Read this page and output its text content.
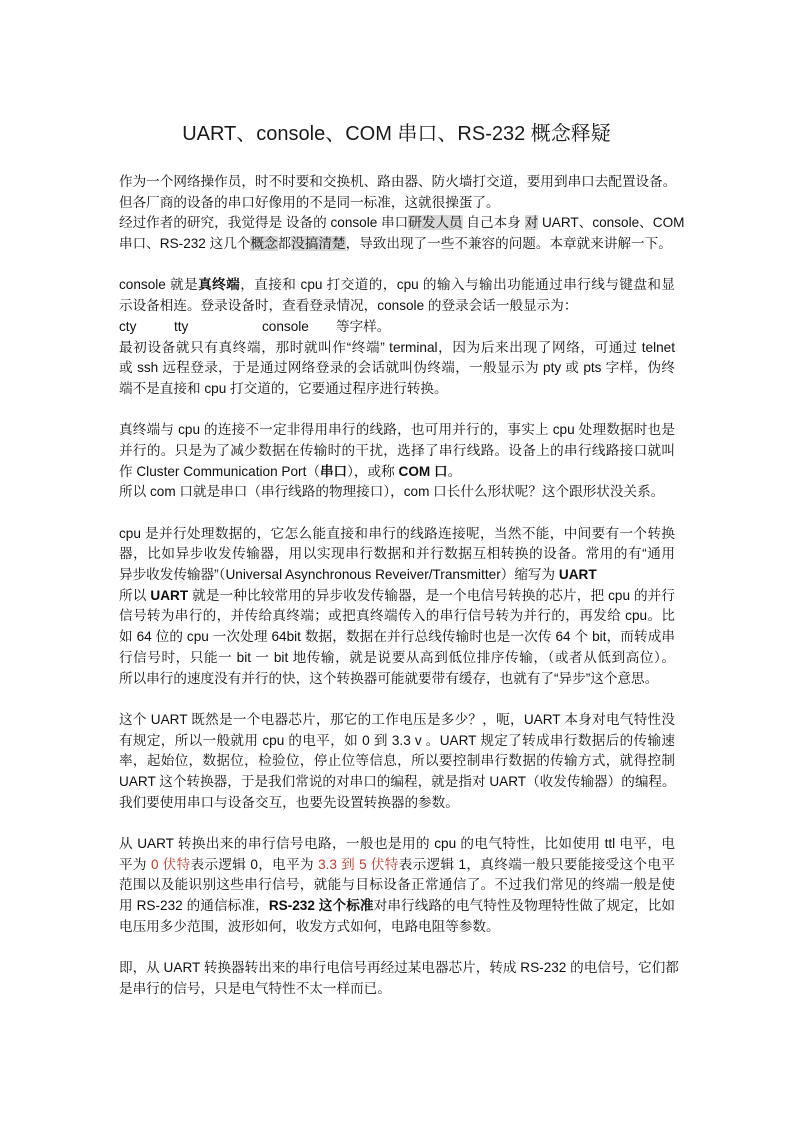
UART、console、COM 串口、RS-232 概念释疑
作为一个网络操作员，时不时要和交换机、路由器、防火墙打交道，要用到串口去配置设备。
但各厂商的设备的串口好像用的不是同一标准，这就很操蛋了。
经过作者的研究，我觉得是 设备的 console 串口研发人员 自己本身 对 UART、console、COM
串口、RS-232 这几个概念都没搞清楚，导致出现了一些不兼容的问题。本章就来讲解一下。
console 就是真终端，直接和 cpu 打交道的，cpu 的输入与输出功能通过串行线与键盘和显
示设备相连。登录设备时，查看登录情况，console 的登录会话一般显示为：
cty	tty	console 等字样。
最初设备就只有真终端，那时就叫作“终端” terminal，因为后来出现了网络，可通过 telnet
或 ssh 远程登录，于是通过网络登录的会话就叫伪终端，一般显示为 pty 或 pts 字样，伪终
端不是直接和 cpu 打交道的，它要通过程序进行转换。
真终端与 cpu 的连接不一定非得用串行的线路，也可用并行的，事实上 cpu 处理数据时也是
并行的。只是为了减少数据在传输时的干扰，选择了串行线路。设备上的串行线路接口就叫
作 Cluster Communication Port（串口），或称 COM 口。
所以 com 口就是串口（串行线路的物理接口），com 口长什么形状呢？这个跟形状没关系。
cpu 是并行处理数据的，它怎么能直接和串行的线路连接呢，当然不能，中间要有一个转换
器，比如异步收发传输器，用以实现串行数据和并行数据互相转换的设备。常用的有“通用
异步收发传输器”（Universal Asynchronous Reveiver/Transmitter）缩写为 UART
所以 UART 就是一种比较常用的异步收发传输器，是一个电信号转换的芯片，把 cpu 的并行
信号转为串行的，并传给真终端；或把真终端传入的串行信号转为并行的，再发给 cpu。比
如 64 位的 cpu 一次处理 64bit 数据，数据在并行总线传输时也是一次传 64 个 bit，而转成串
行信号时，只能一 bit 一 bit 地传输，就是说要从高到低位排序传输，（或者从低到高位）。
所以串行的速度没有并行的快，这个转换器可能就要带有缓存，也就有了“异步”这个意思。
这个 UART 既然是一个电器芯片，那它的工作电压是多少？，呃，UART 本身对电气特性没
有规定，所以一般就用 cpu 的电平，如 0 到 3.3 v 。UART 规定了转成串行数据后的传输速
率，起始位，数据位，检验位，停止位等信息，所以要控制串行数据的传输方式，就得控制
UART 这个转换器，于是我们常说的对串口的编程，就是指对 UART（收发传输器）的编程。
我们要使用串口与设备交互，也要先设置转换器的参数。
从 UART 转换出来的串行信号电路，一般也是用的 cpu 的电气特性，比如使用 ttl 电平，电
平为 0 伏特表示逻辑 0，电平为 3.3 到 5 伏特表示逻辑 1，真终端一般只要能接受这个电平
范围以及能识别这些串行信号，就能与目标设备正常通信了。不过我们常见的终端一般是使
用 RS-232 的通信标准，RS-232 这个标准对串行线路的电气特性及物理特性做了规定，比如
电压用多少范围，波形如何，收发方式如何，电路电阻等参数。
即，从 UART 转换器转出来的串行电信号再经过某电器芯片，转成 RS-232 的电信号，它们都
是串行的信号，只是电气特性不太一样而已。
